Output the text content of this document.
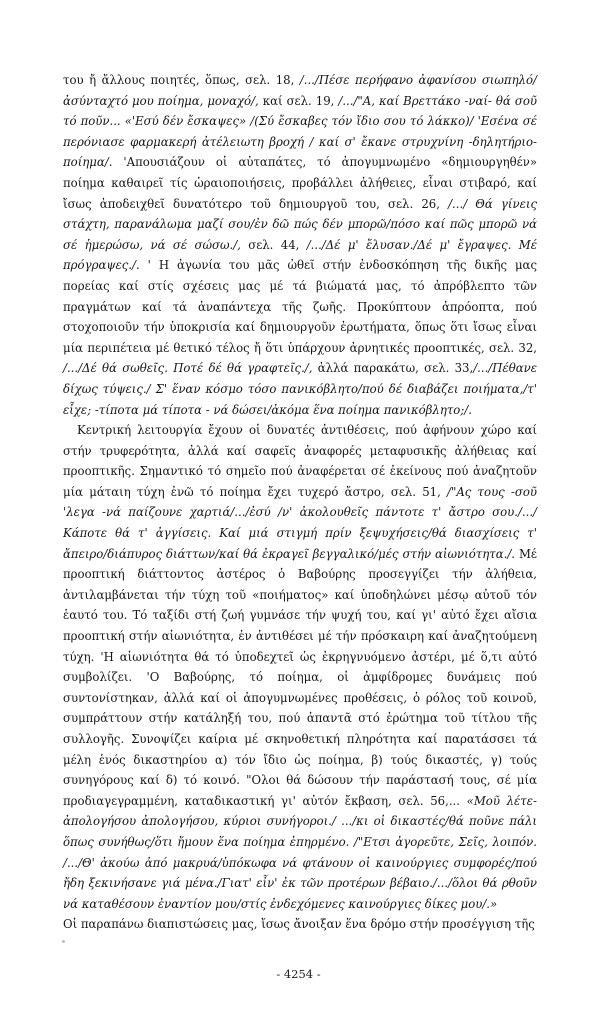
του ἤ ἄλλους ποιητές, ὅπως, σελ. 18, /.../Πέσε περήφανο ἀφανίσου σιωπηλό/ ἀσύνταχτό μου ποίημα, μοναχό/, καί σελ. 19, /.../"Α, καί Βρεττάκο -ναί- θά σοῦ τό ποῦν... «'Εσύ δέν ἔσκαψες» /(Σύ ἔσκαβες τόν ἴδιο σου τό λάκκο)/ 'Εσένα σέ περόνιασε φαρμακερή ἀτέλειωτη βροχή / καί σ' ἔκανε στρυχνίνη -δηλητήριο- ποίημα/. 'Απουσιάζουν οἱ αὐταπάτες, τό ἀπογυμνωμένο «δημιουργηθέν» ποίημα καθαιρεῖ τίς ὡραιοποιήσεις, προβάλλει ἀλήθειες, εἶναι στιβαρό, καί ἴσως ἀποδειχθεῖ δυνατότερο τοῦ δημιουργοῦ του, σελ. 26, /.../ Θά γίνεις στάχτη, παρανάλωμα μαζί σου/ἐν δῶ πώς δέν μπορῶ/πόσο καί πῶς μπορῶ νά σέ ἡμερώσω, νά σέ σώσω./, σελ. 44, /.../Δέ μ' ἔλυσαν./Δέ μ' ἔγραψες. Μέ πρόγραψες./. ' Η ἀγωνία του μᾶς ὠθεῖ στήν ἐνδοσκόπηση τῆς δικῆς μας πορείας καί στίς σχέσεις μας μέ τά βιώματά μας, τό ἀπρόβλεπτο τῶν πραγμάτων καί τά ἀναπάντεχα τῆς ζωῆς. Προκύπτουν ἀπρόοπτα, πού στοχοποιοῦν τήν ὑποκρισία καί δημιουργοῦν ἐρωτήματα, ὅπως ὅτι ἴσως εἶναι μία περιπέτεια μέ θετικό τέλος ἤ ὅτι ὑπάρχουν ἀρνητικές προοπτικές, σελ. 32, /.../Δέ θά σωθεῖς. Ποτέ δέ θά γραφτεῖς./, ἀλλά παρακάτω, σελ. 33,/.../Πέθανε δίχως τύψεις./ Σ' ἕναν κόσμο τόσο πανικόβλητο/πού δέ διαβάζει ποιήματα,/τ' εἶχε; -τίποτα μά τίποτα - νά δώσει/ἀκόμα ἕνα ποίημα πανικόβλητο;/.

Κεντρική λειτουργία ἔχουν οἱ δυνατές ἀντιθέσεις, πού ἀφήνουν χώρο καί στήν τρυφερότητα, ἀλλά καί σαφεῖς ἀναφορές μεταφυσικῆς ἀλήθειας καί προοπτικῆς. Σημαντικό τό σημεῖο πού ἀναφέρεται σέ ἐκείνους πού ἀναζητοῦν μία μάταιη τύχη ἐνῶ τό ποίημα ἔχει τυχερό ἄστρο, σελ. 51, /"Ας τους -σοῦ 'λεγα -νά παίζουνε χαρτιά/.../ἐσύ /ν' ἀκολουθεῖς πάντοτε τ' ἄστρο σου./.../ Κάποτε θά τ' ἀγγίσεις. Καί μιά στιγμή πρίν ξεψυχήσεις/θά διασχίσεις τ' ἄπειρο/διάπυρος διάττων/καί θά ἐκραγεῖ βεγγαλικό/μές στήν αἰωνιότητα./. Μέ προοπτική διάττοντος ἀστέρος ὁ Βαβούρης προσεγγίζει τήν ἀλήθεια, ἀντιλαμβάνεται τήν τύχη τοῦ «ποιήματος» καί ὑποδηλώνει μέσῳ αὐτοῦ τόν ἑαυτό του. Τό ταξίδι στή ζωή γυμνάσε τήν ψυχή του, καί γι' αὐτό ἔχει αἴσια προοπτική στήν αἰωνιότητα, ἐν ἀντιθέσει μέ τήν πρόσκαιρη καί ἀναζητούμενη τύχη. 'Η αἰωνιότητα θά τό ὑποδεχτεῖ ὡς ἐκρηγνυόμενο ἀστέρι, μέ ὅ,τι αὐτό συμβολίζει. 'Ο Βαβούρης, τό ποίημα, οἱ ἀμφίδρομες δυνάμεις πού συντονίστηκαν, ἀλλά καί οἱ ἀπογυμνωμένες προθέσεις, ὁ ρόλος τοῦ κοινοῦ, συμπράττουν στήν κατάληξή του, πού ἀπαντᾶ στό ἐρώτημα τοῦ τίτλου τῆς συλλογῆς. Συνοψίζει καίρια μέ σκηνοθετική πληρότητα καί παρατάσσει τά μέλη ἑνός δικαστηρίου α) τόν ἴδιο ὡς ποίημα, β) τούς δικαστές, γ) τούς συνηγόρους καί δ) τό κοινό. "Ολοι θά δώσουν τήν παράστασή τους, σέ μία προδιαγεγραμμένη, καταδικαστική γι' αὐτόν ἔκβαση, σελ. 56,... «Μοῦ λέτε-ἀπολογήσου ἀπολογήσου, κύριοι συνήγοροι./ .../κι οἱ δικαστές/θά ποῦνε πάλι ὅπως συνήθως/ὅτι ἤμουν ἕνα ποίημα ἐπηρμένο. /"Ετσι ἀγορεῦτε, Σεῖς, λοιπόν. /.../Θ' ἀκούω ἀπό μακρυά/ὑπόκωφα νά φτάνουν οἱ καινούργιες συμφορές/πού ἤδη ξεκινήσανε γιά μένα./Γιατ' εἶν' ἐκ τῶν προτέρων βέβαιο./.../ὅλοι θά ρθοῦν νά καταθέσουν ἐναντίον μου/στίς ἐνδεχόμενες καινούργιες δίκες μου/.»

Οἱ παραπάνω διαπιστώσεις μας, ἴσως ἄνοιξαν ἕνα δρόμο στήν προσέγγιση τῆς

- 4254 -
